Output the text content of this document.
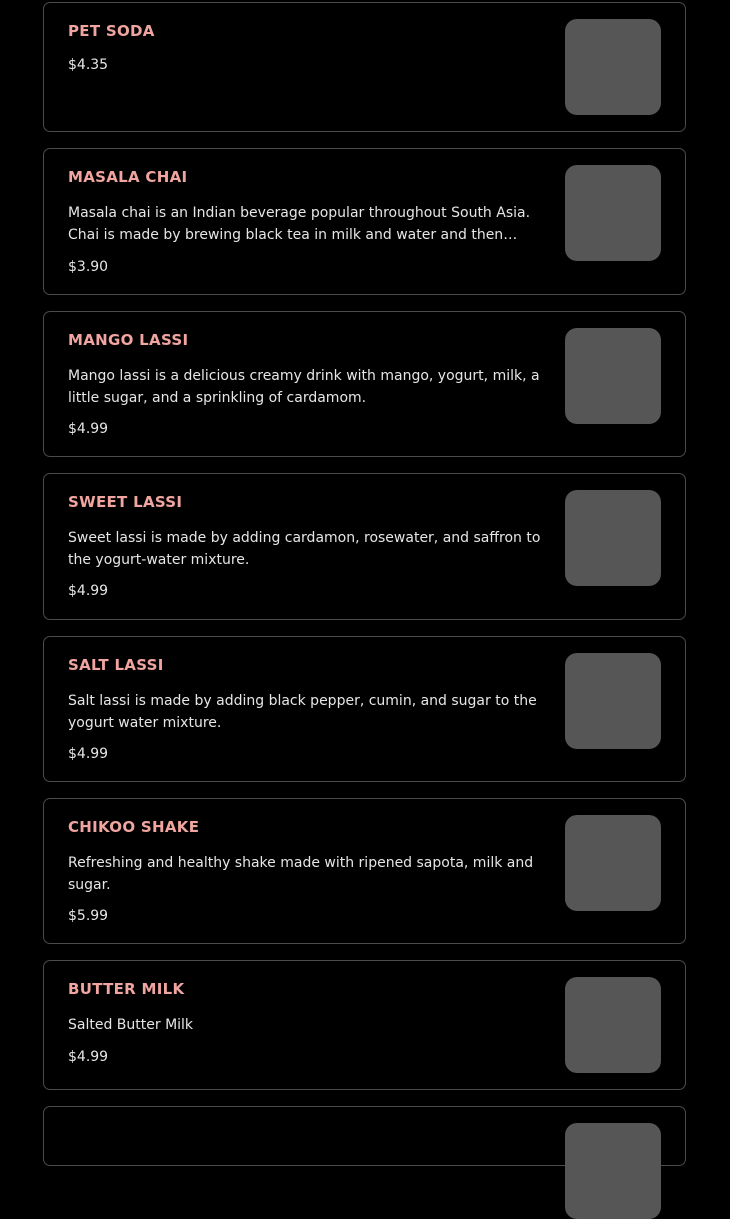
PET SODA
$4.35
MASALA CHAI

Masala chai is an Indian beverage popular throughout South Asia. Chai is made by brewing black tea in milk and water and then

$3.90
MANGO LASSI

Mango lassi is a delicious creamy drink with mango, yogurt, milk, a little sugar, and a sprinkling of cardamom.

$4.99
SWEET LASSI

Sweet lassi is made by adding cardamon, rosewater, and saffron to the yogurt-water mixture.

$4.99
SALT LASSI

Salt lassi is made by adding black pepper, cumin, and sugar to the yogurt water mixture.

$4.99
CHIKOO SHAKE

Refreshing and healthy shake made with ripened sapota, milk and sugar.

$5.99
BUTTER MILK

Salted Butter Milk

$4.99
